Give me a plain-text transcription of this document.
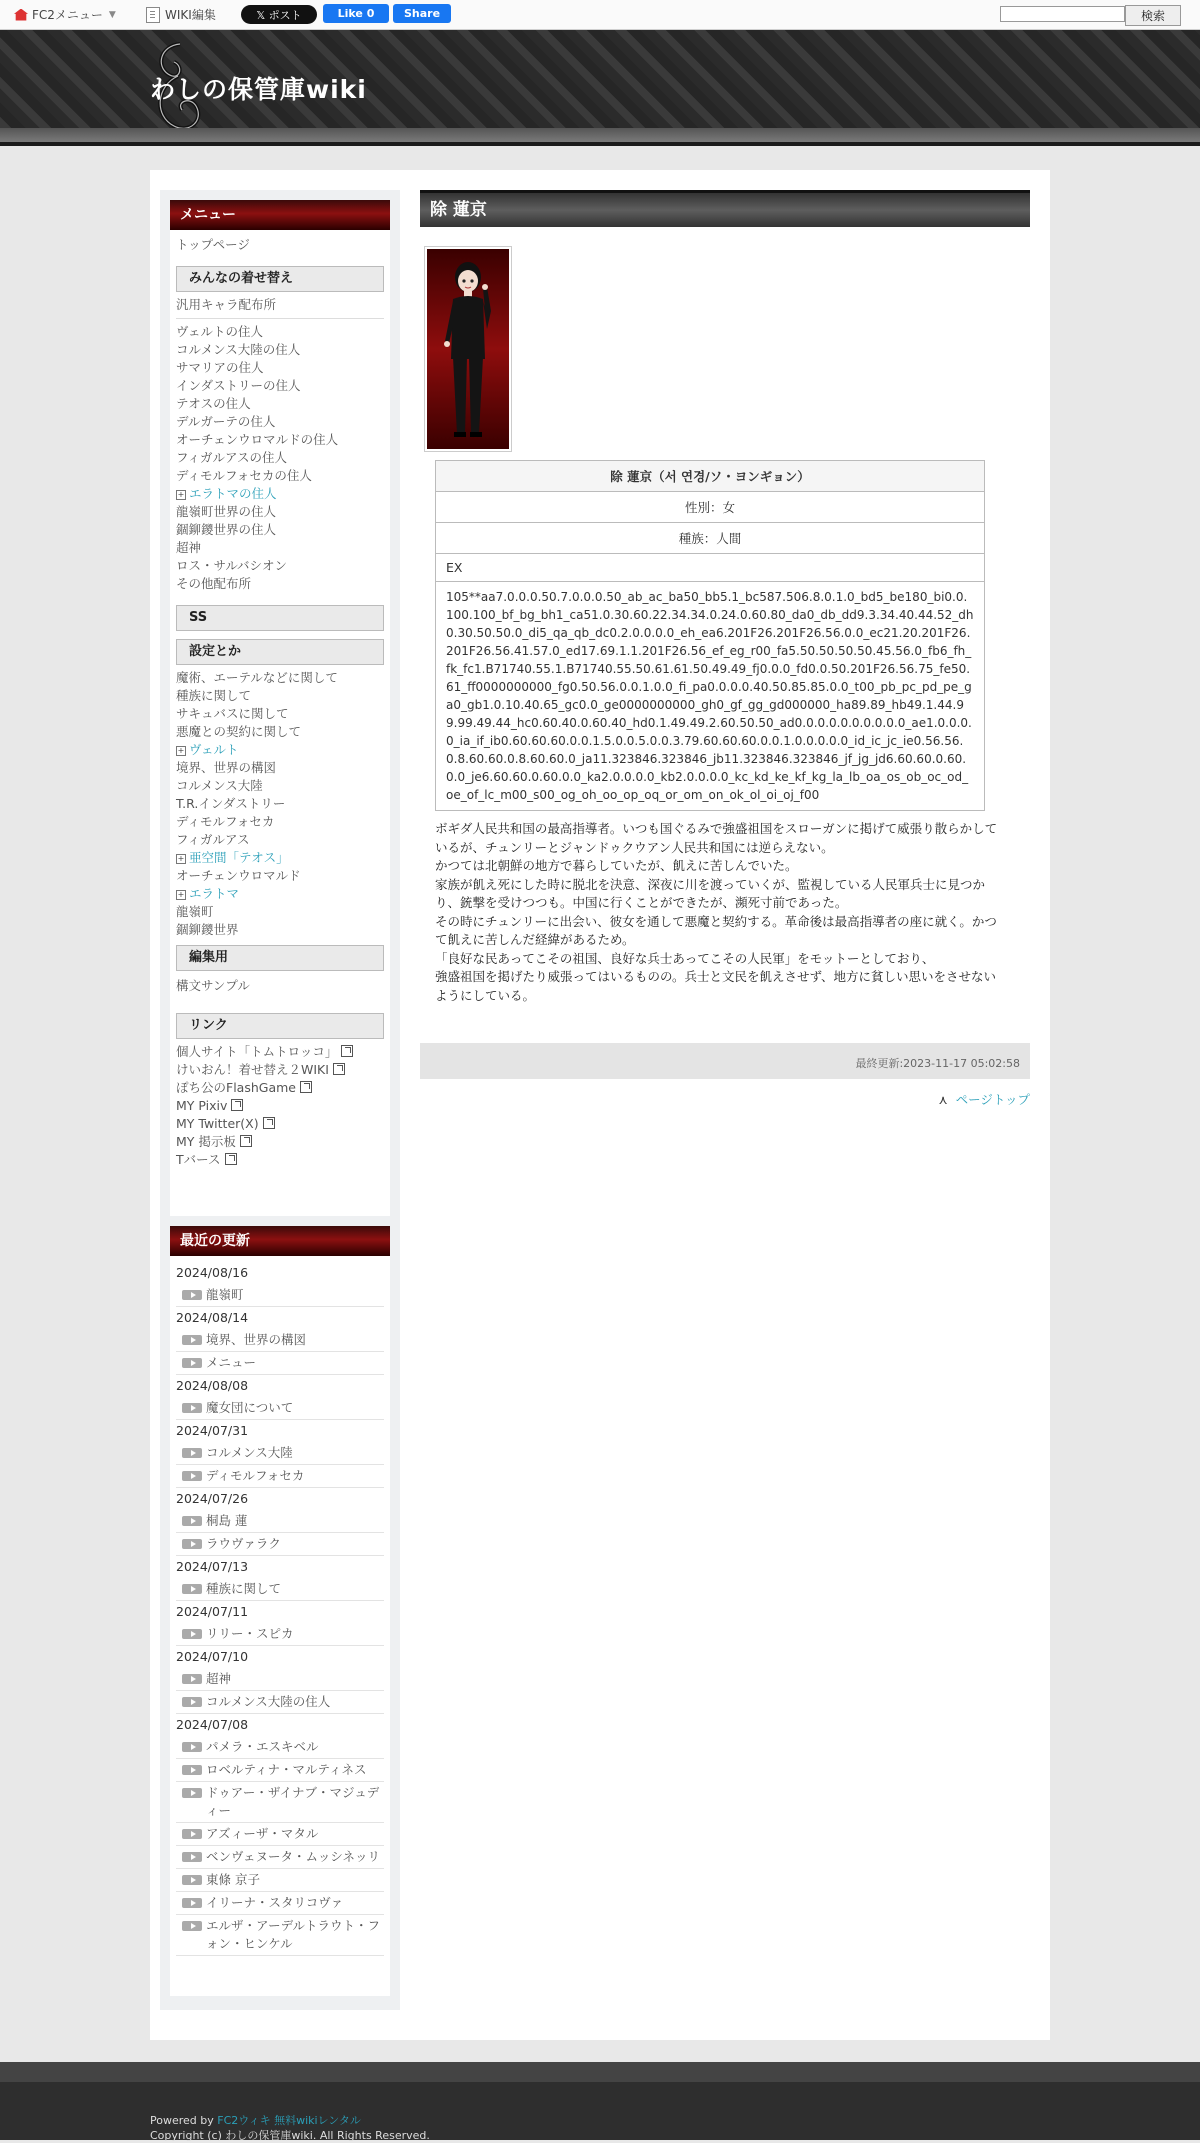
FC2メニュー ▼	WIKI編集	𝕏 ポスト	Like 0	Share	検索
わしの保管庫wiki
メニュー
トップページ
みんなの着せ替え
汎用キャラ配布所
ヴェルトの住人
コルメンス大陸の住人
サマリアの住人
インダストリーの住人
テオスの住人
デルガーテの住人
オーチェンウロマルドの住人
フィガルアスの住人
ディモルフォセカの住人
+ エラトマの住人
龍嶺町世界の住人
錮鉚鑁世界の住人
超神
ロス・サルバシオン
その他配布所
SS
設定とか
魔術、エーテルなどに関して
種族に関して
サキュバスに関して
悪魔との契約に関して
+ ヴェルト
境界、世界の構図
コルメンス大陸
T.R.インダストリー
ディモルフォセカ
フィガルアス
+ 亜空間「テオス」
オーチェンウロマルド
+ エラトマ
龍嶺町
錮鉚鑁世界
編集用
構文サンプル
リンク
個人サイト「トムトロッコ」
けいおん！着せ替え２WIKI
ぽち公のFlashGame
MY Pixiv
MY Twitter(X)
MY 掲示板
Tバース
最近の更新
2024/08/16
龍嶺町
2024/08/14
境界、世界の構図
メニュー
2024/08/08
魔女団について
2024/07/31
コルメンス大陸
ディモルフォセカ
2024/07/26
桐島 蓮
ラウヴァラク
2024/07/13
種族に関して
2024/07/11
リリー・スピカ
2024/07/10
超神
コルメンス大陸の住人
2024/07/08
パメラ・エスキベル
ロベルティナ・マルティネス
ドゥアー・ザイナブ・マジュディー
アズィーザ・マタル
ベンヴェヌータ・ムッシネッリ
東條 京子
イリーナ・スタリコヴァ
エルザ・アーデルトラウト・フォン・ヒンケル
除 蓮京
除 蓮京（서 연경/ソ・ヨンギョン）
性別：女
種族：人間
EX
105**aa7.0.0.0.50.7.0.0.0.50_ab_ac_ba50_bb5.1_bc587.506.8.0.1.0_bd5_be180_bi0.0.100.100_bf_bg_bh1_ca51.0.30.60.22.34.34.0.24.0.60.80_da0_db_dd9.3.34.40.44.52_dh0.30.50.50.0_di5_qa_qb_dc0.2.0.0.0.0_eh_ea6.201F26.201F26.56.0.0_ec21.20.201F26.201F26.56.41.57.0_ed17.69.1.1.201F26.56_ef_eg_r00_fa5.50.50.50.50.45.56.0_fb6_fh_fk_fc1.B71740.55.1.B71740.55.50.61.61.50.49.49_fj0.0.0_fd0.0.50.201F26.56.75_fe50.61_ff0000000000_fg0.50.56.0.0.1.0.0_fi_pa0.0.0.0.40.50.85.85.0.0_t00_pb_pc_pd_pe_ga0_gb1.0.10.40.65_gc0.0_ge0000000000_gh0_gf_gg_gd000000_ha89.89_hb49.1.44.99.99.49.44_hc0.60.40.0.60.40_hd0.1.49.49.2.60.50.50_ad0.0.0.0.0.0.0.0.0.0_ae1.0.0.0.0_ia_if_ib0.60.60.60.0.0.1.5.0.0.5.0.0.3.79.60.60.60.0.0.1.0.0.0.0.0_id_ic_jc_ie0.56.56.0.8.60.60.0.8.60.60.0_ja11.323846.323846_jb11.323846.323846_jf_jg_jd6.60.60.0.60.0.0_je6.60.60.0.60.0.0_ka2.0.0.0.0_kb2.0.0.0.0_kc_kd_ke_kf_kg_la_lb_oa_os_ob_oc_od_oe_of_lc_m00_s00_og_oh_oo_op_oq_or_om_on_ok_ol_oi_oj_f00

ボギダ人民共和国の最高指導者。いつも国ぐるみで強盛祖国をスローガンに掲げて威張り散らかしているが、チュンリーとジャンドゥクウアン人民共和国には逆らえない。

かつては北朝鮮の地方で暮らしていたが、飢えに苦しんでいた。

家族が飢え死にした時に脱北を決意、深夜に川を渡っていくが、監視している人民軍兵士に見つかり、銃撃を受けつつも。中国に行くことができたが、瀕死寸前であった。

その時にチュンリーに出会い、彼女を通して悪魔と契約する。革命後は最高指導者の座に就く。かつて飢えに苦しんだ経緯があるため。

「良好な民あってこその祖国、良好な兵士あってこその人民軍」をモットーとしており、

強盛祖国を掲げたり威張ってはいるものの。兵士と文民を飢えさせず、地方に貧しい思いをさせないようにしている。

最終更新:2023-11-17 05:02:58
⋏ ページトップ
Powered by FC2ウィキ 無料wikiレンタル
Copyright (c) わしの保管庫wiki. All Rights Reserved.
